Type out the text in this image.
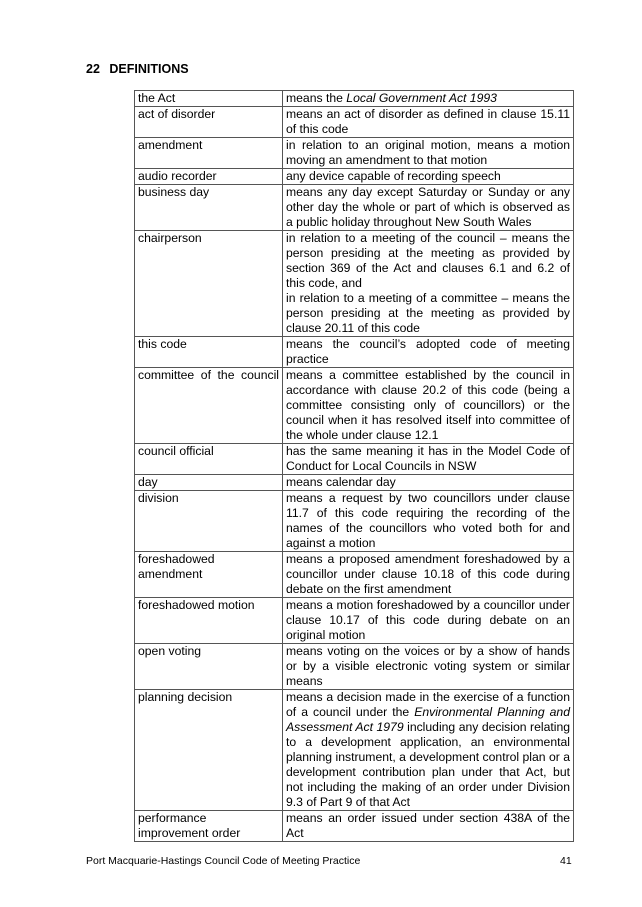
22 DEFINITIONS
the Act	means the Local Government Act 1993
act of disorder	means an act of disorder as defined in clause 15.11 of this code
amendment	in relation to an original motion, means a motion moving an amendment to that motion
audio recorder	any device capable of recording speech
business day	means any day except Saturday or Sunday or any other day the whole or part of which is observed as a public holiday throughout New South Wales
chairperson	in relation to a meeting of the council – means the person presiding at the meeting as provided by section 369 of the Act and clauses 6.1 and 6.2 of this code, and
in relation to a meeting of a committee – means the person presiding at the meeting as provided by clause 20.11 of this code
this code	means the council’s adopted code of meeting practice
committee of the council	means a committee established by the council in accordance with clause 20.2 of this code (being a committee consisting only of councillors) or the council when it has resolved itself into committee of the whole under clause 12.1
council official	has the same meaning it has in the Model Code of Conduct for Local Councils in NSW
day	means calendar day
division	means a request by two councillors under clause 11.7 of this code requiring the recording of the names of the councillors who voted both for and against a motion
foreshadowed amendment	means a proposed amendment foreshadowed by a councillor under clause 10.18 of this code during debate on the first amendment
foreshadowed motion	means a motion foreshadowed by a councillor under clause 10.17 of this code during debate on an original motion
open voting	means voting on the voices or by a show of hands or by a visible electronic voting system or similar means
planning decision	means a decision made in the exercise of a function of a council under the Environmental Planning and Assessment Act 1979 including any decision relating to a development application, an environmental planning instrument, a development control plan or a development contribution plan under that Act, but not including the making of an order under Division 9.3 of Part 9 of that Act
performance improvement order	means an order issued under section 438A of the Act
Port Macquarie-Hastings Council Code of Meeting Practice	41
